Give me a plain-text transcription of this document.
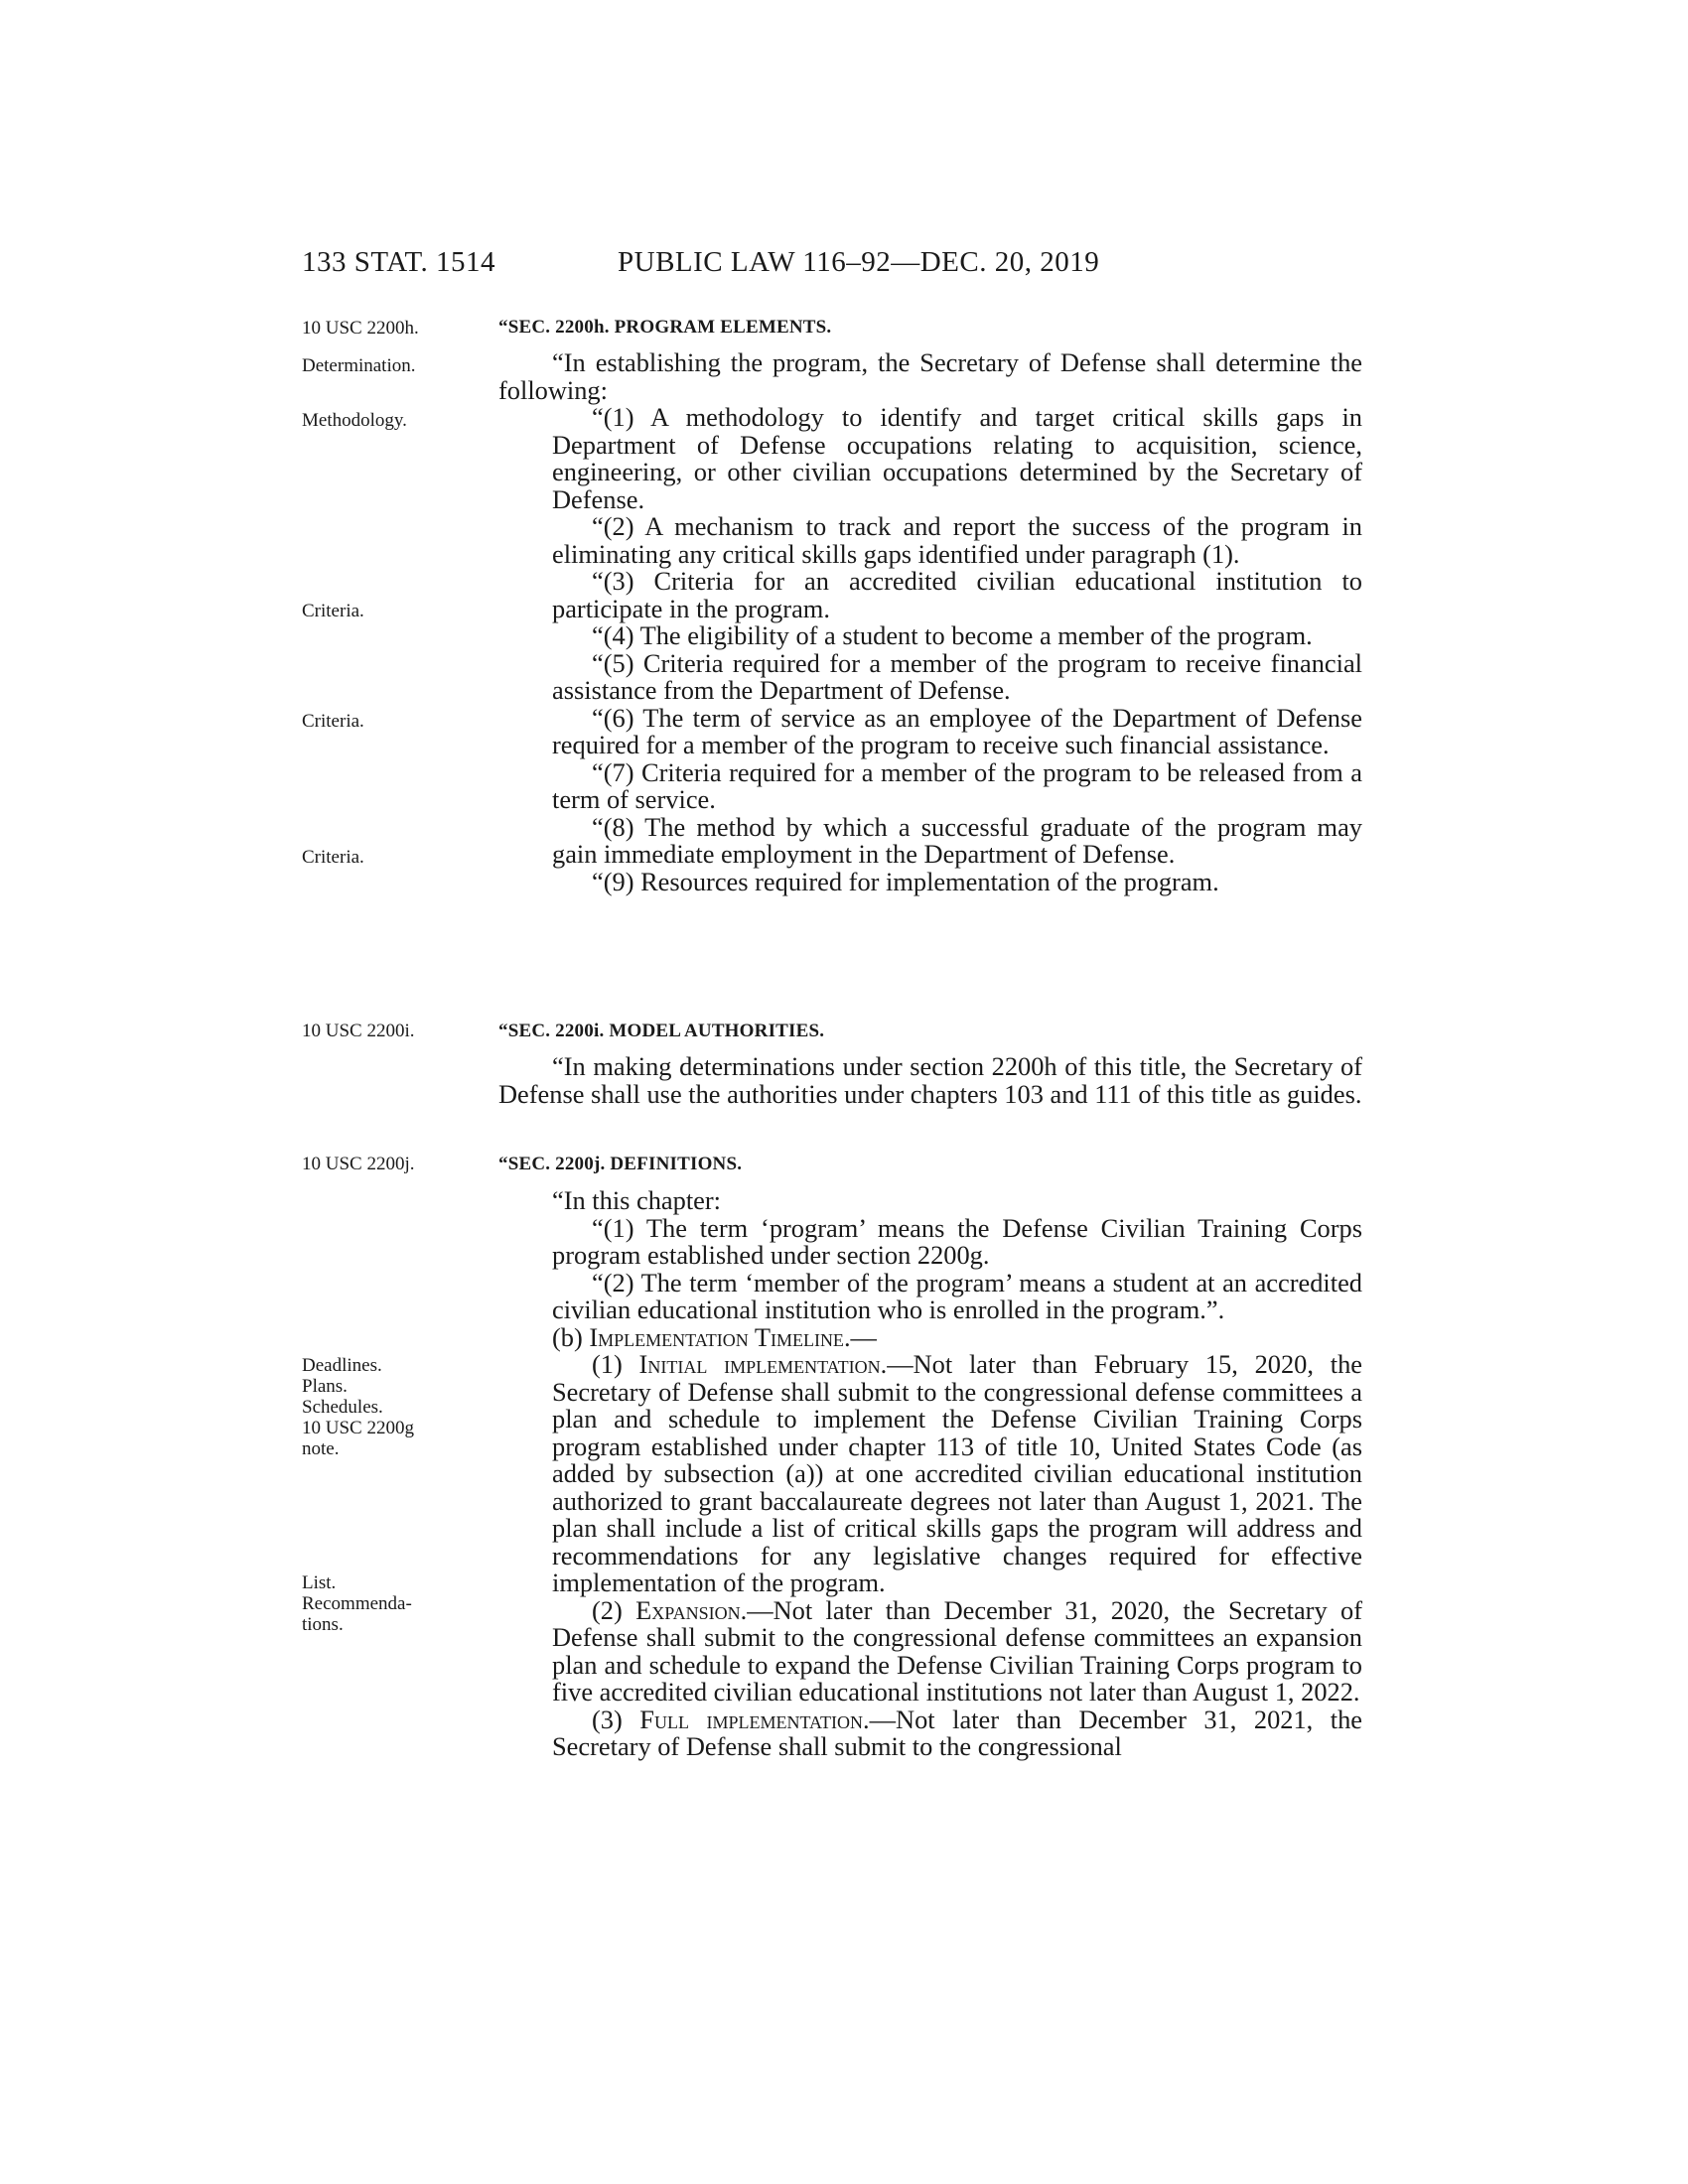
133 STAT. 1514	PUBLIC LAW 116–92—DEC. 20, 2019
10 USC 2200h.
Determination.
Methodology.
Criteria.
Criteria.
Criteria.
10 USC 2200i.
10 USC 2200j.
Deadlines.
Plans.
Schedules.
10 USC 2200g
note.
List.
Recommenda-
tions.
“SEC. 2200h. PROGRAM ELEMENTS.

“In establishing the program, the Secretary of Defense shall determine the following:

“(1) A methodology to identify and target critical skills gaps in Department of Defense occupations relating to acquisition, science, engineering, or other civilian occupations determined by the Secretary of Defense.

“(2) A mechanism to track and report the success of the program in eliminating any critical skills gaps identified under paragraph (1).

“(3) Criteria for an accredited civilian educational institution to participate in the program.

“(4) The eligibility of a student to become a member of the program.

“(5) Criteria required for a member of the program to receive financial assistance from the Department of Defense.

“(6) The term of service as an employee of the Department of Defense required for a member of the program to receive such financial assistance.

“(7) Criteria required for a member of the program to be released from a term of service.

“(8) The method by which a successful graduate of the program may gain immediate employment in the Department of Defense.

“(9) Resources required for implementation of the program.

“SEC. 2200i. MODEL AUTHORITIES.

“In making determinations under section 2200h of this title, the Secretary of Defense shall use the authorities under chapters 103 and 111 of this title as guides.

“SEC. 2200j. DEFINITIONS.

“In this chapter:

“(1) The term ‘program’ means the Defense Civilian Training Corps program established under section 2200g.

“(2) The term ‘member of the program’ means a student at an accredited civilian educational institution who is enrolled in the program.”.

(b) Implementation Timeline.—

(1) Initial implementation.—Not later than February 15, 2020, the Secretary of Defense shall submit to the congressional defense committees a plan and schedule to implement the Defense Civilian Training Corps program established under chapter 113 of title 10, United States Code (as added by subsection (a)) at one accredited civilian educational institution authorized to grant baccalaureate degrees not later than August 1, 2021. The plan shall include a list of critical skills gaps the program will address and recommendations for any legislative changes required for effective implementation of the program.

(2) Expansion.—Not later than December 31, 2020, the Secretary of Defense shall submit to the congressional defense committees an expansion plan and schedule to expand the Defense Civilian Training Corps program to five accredited civilian educational institutions not later than August 1, 2022.

(3) Full implementation.—Not later than December 31, 2021, the Secretary of Defense shall submit to the congressional
